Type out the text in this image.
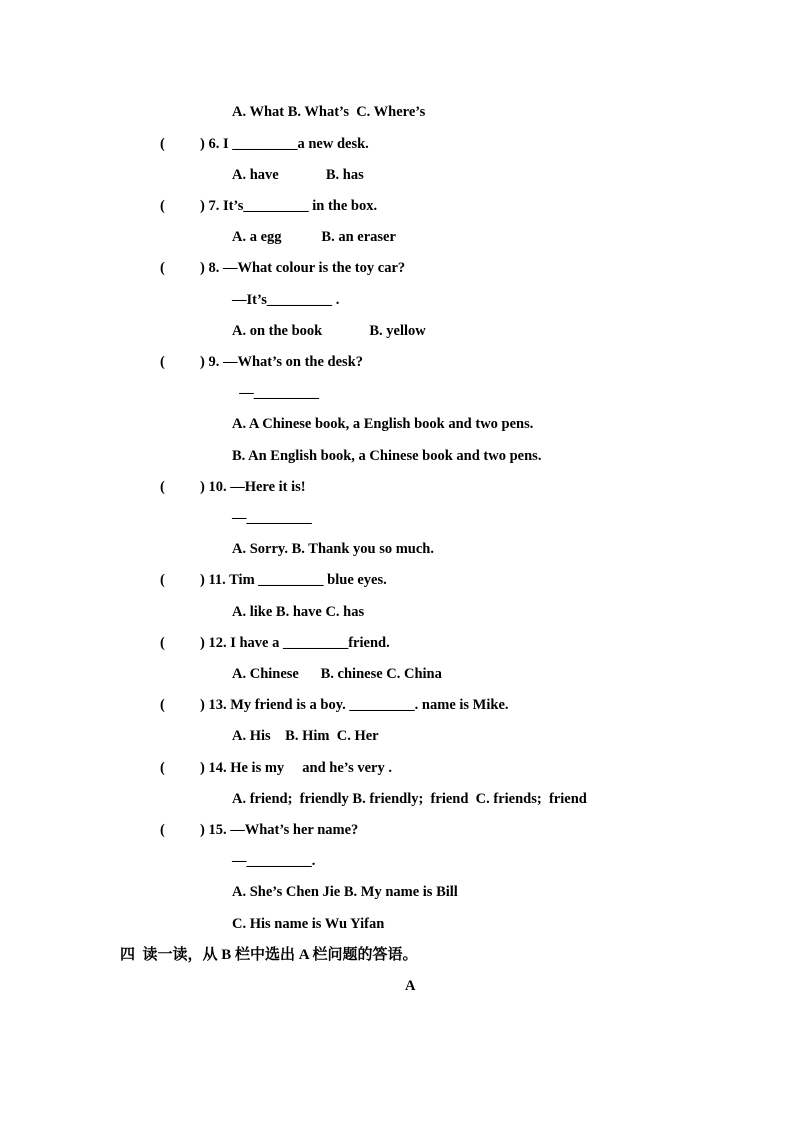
A. What B. What’s  C. Where’s
( ) 6. I _________a new desk.
A. have             B. has
( ) 7. It’s_________ in the box.
A. a egg           B. an eraser
( ) 8. —What colour is the toy car?
—It’s_________ .
A. on the book             B. yellow
( ) 9. —What’s on the desk?
—_________
A. A Chinese book, a English book and two pens.
B. An English book, a Chinese book and two pens.
( ) 10. —Here it is!
—_________
A. Sorry. B. Thank you so much.
( ) 11. Tim _________ blue eyes.
A. like B. have C. has
( ) 12. I have a _________friend.
A. Chinese      B. chinese C. China
( ) 13. My friend is a boy. _________. name is Mike.
A. His    B. Him  C. Her
( ) 14. He is my     and he’s very .
A. friend;  friendly B. friendly;  friend  C. friends;  friend
( ) 15. —What’s her name?
—_________.
A. She’s Chen Jie B. My name is Bill
C. His name is Wu Yifan
四  读一读，从 B 栏中选出 A 栏问题的答语。
A
